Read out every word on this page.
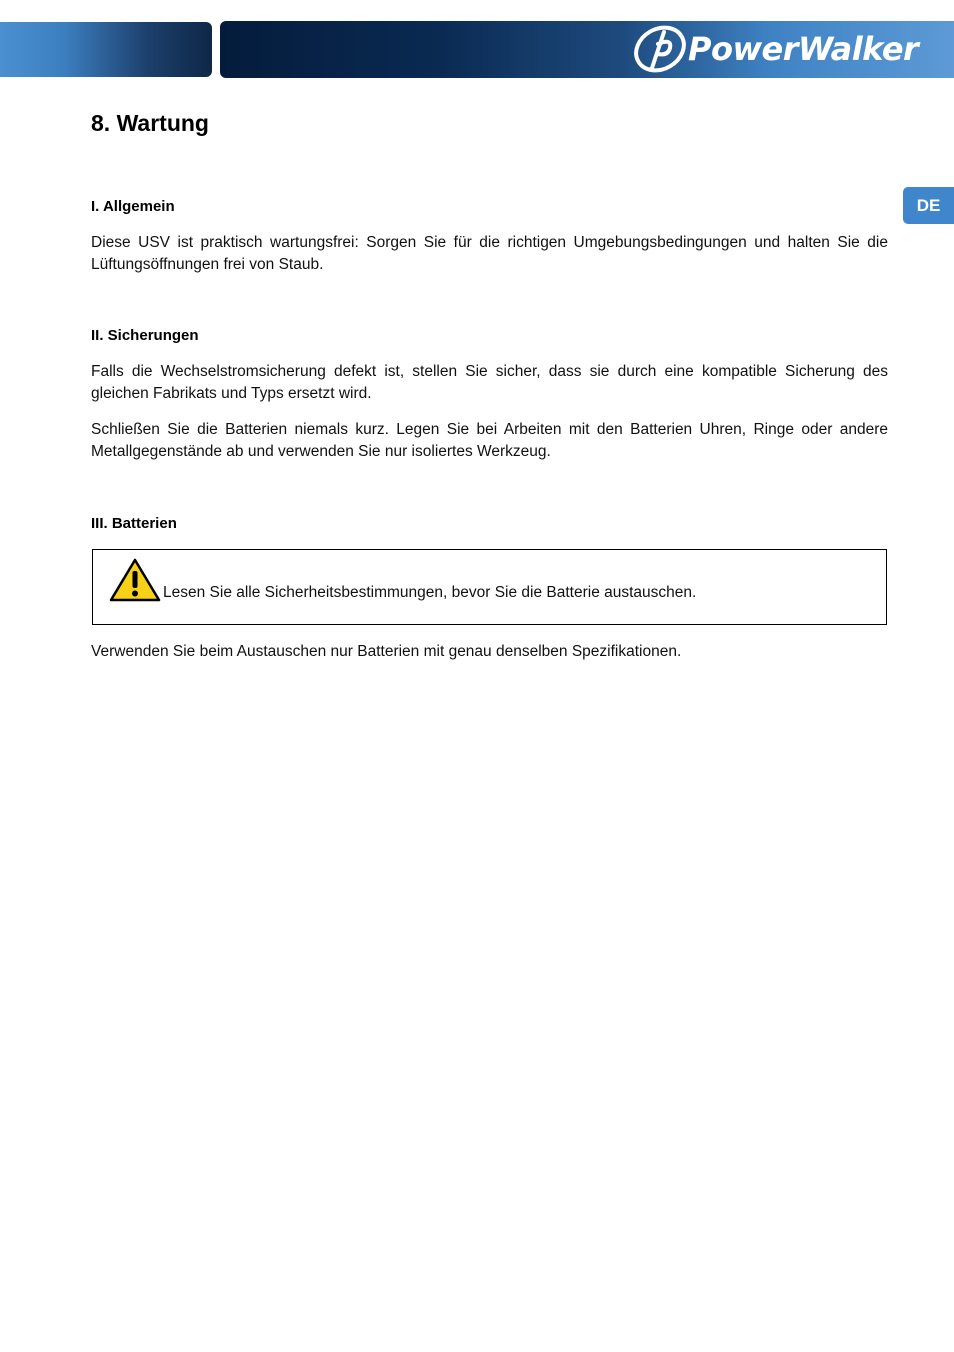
PowerWalker
DE
8. Wartung
I. Allgemein

Diese USV ist praktisch wartungsfrei: Sorgen Sie für die richtigen Umgebungsbedingungen und halten Sie die Lüftungsöffnungen frei von Staub.

II. Sicherungen

Falls die Wechselstromsicherung defekt ist, stellen Sie sicher, dass sie durch eine kompatible Sicherung des gleichen Fabrikats und Typs ersetzt wird.

Schließen Sie die Batterien niemals kurz. Legen Sie bei Arbeiten mit den Batterien Uhren, Ringe oder andere Metallgegenstände ab und verwenden Sie nur isoliertes Werkzeug.

III. Batterien
Lesen Sie alle Sicherheitsbestimmungen, bevor Sie die Batterie austauschen.

Verwenden Sie beim Austauschen nur Batterien mit genau denselben Spezifikationen.
